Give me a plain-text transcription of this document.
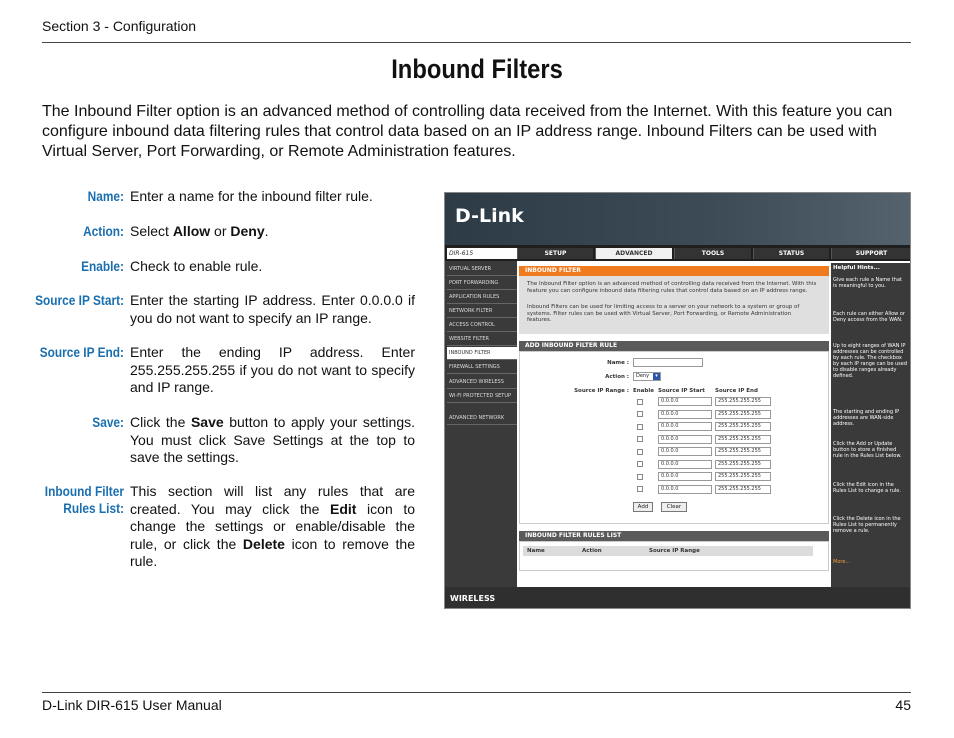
Section 3 - Configuration
Inbound Filters
The Inbound Filter option is an advanced method of controlling data received from the Internet. With this feature you can configure inbound data filtering rules that control data based on an IP address range. Inbound Filters can be used with Virtual Server, Port Forwarding, or Remote Administration features.
Name: Enter a name for the inbound filter rule.
Action: Select Allow or Deny.
Enable: Check to enable rule.
Source IP Start: Enter the starting IP address. Enter 0.0.0.0 if you do not want to specify an IP range.
Source IP End: Enter the ending IP address. Enter 255.255.255.255 if you do not want to specify and IP range.
Save: Click the Save button to apply your settings. You must click Save Settings at the top to save the settings.
Inbound Filter
Rules List:
This section will list any rules that are created. You may click the Edit icon to change the settings or enable/disable the rule, or click the Delete icon to remove the rule.
D-Link
DIR-615	SETUP	ADVANCED	TOOLS	STATUS	SUPPORT
VIRTUAL SERVER
PORT FORWARDING
APPLICATION RULES
NETWORK FILTER
ACCESS CONTROL
WEBSITE FILTER
INBOUND FILTER
FIREWALL SETTINGS
ADVANCED WIRELESS
WI-FI PROTECTED SETUP
ADVANCED NETWORK
INBOUND FILTER
The Inbound Filter option is an advanced method of controlling data received from the Internet. With this feature you can configure inbound data filtering rules that control data based on an IP address range.
Inbound Filters can be used for limiting access to a server on your network to a system or group of systems. Filter rules can be used with Virtual Server, Port Forwarding, or Remote Administration features.
ADD INBOUND FILTER RULE
Name :
Action :	Deny	▾
Source IP Range : Enable Source IP Start Source IP End
0.0.0.0	255.255.255.255
0.0.0.0	255.255.255.255
0.0.0.0	255.255.255.255
0.0.0.0	255.255.255.255
0.0.0.0	255.255.255.255
0.0.0.0	255.255.255.255
0.0.0.0	255.255.255.255
0.0.0.0	255.255.255.255
Add	Clear
INBOUND FILTER RULES LIST
Name	Action	Source IP Range
Helpful Hints...
Give each rule a Name that is meaningful to you.
Each rule can either Allow or Deny access from the WAN.
Up to eight ranges of WAN IP addresses can be controlled by each rule. The checkbox by each IP range can be used to disable ranges already defined.
The starting and ending IP addresses are WAN-side address.
Click the Add or Update button to store a finished rule in the Rules List below.
Click the Edit icon in the Rules List to change a rule.
Click the Delete icon in the Rules List to permanently remove a rule.
More...
WIRELESS
D-Link DIR-615 User Manual	45
